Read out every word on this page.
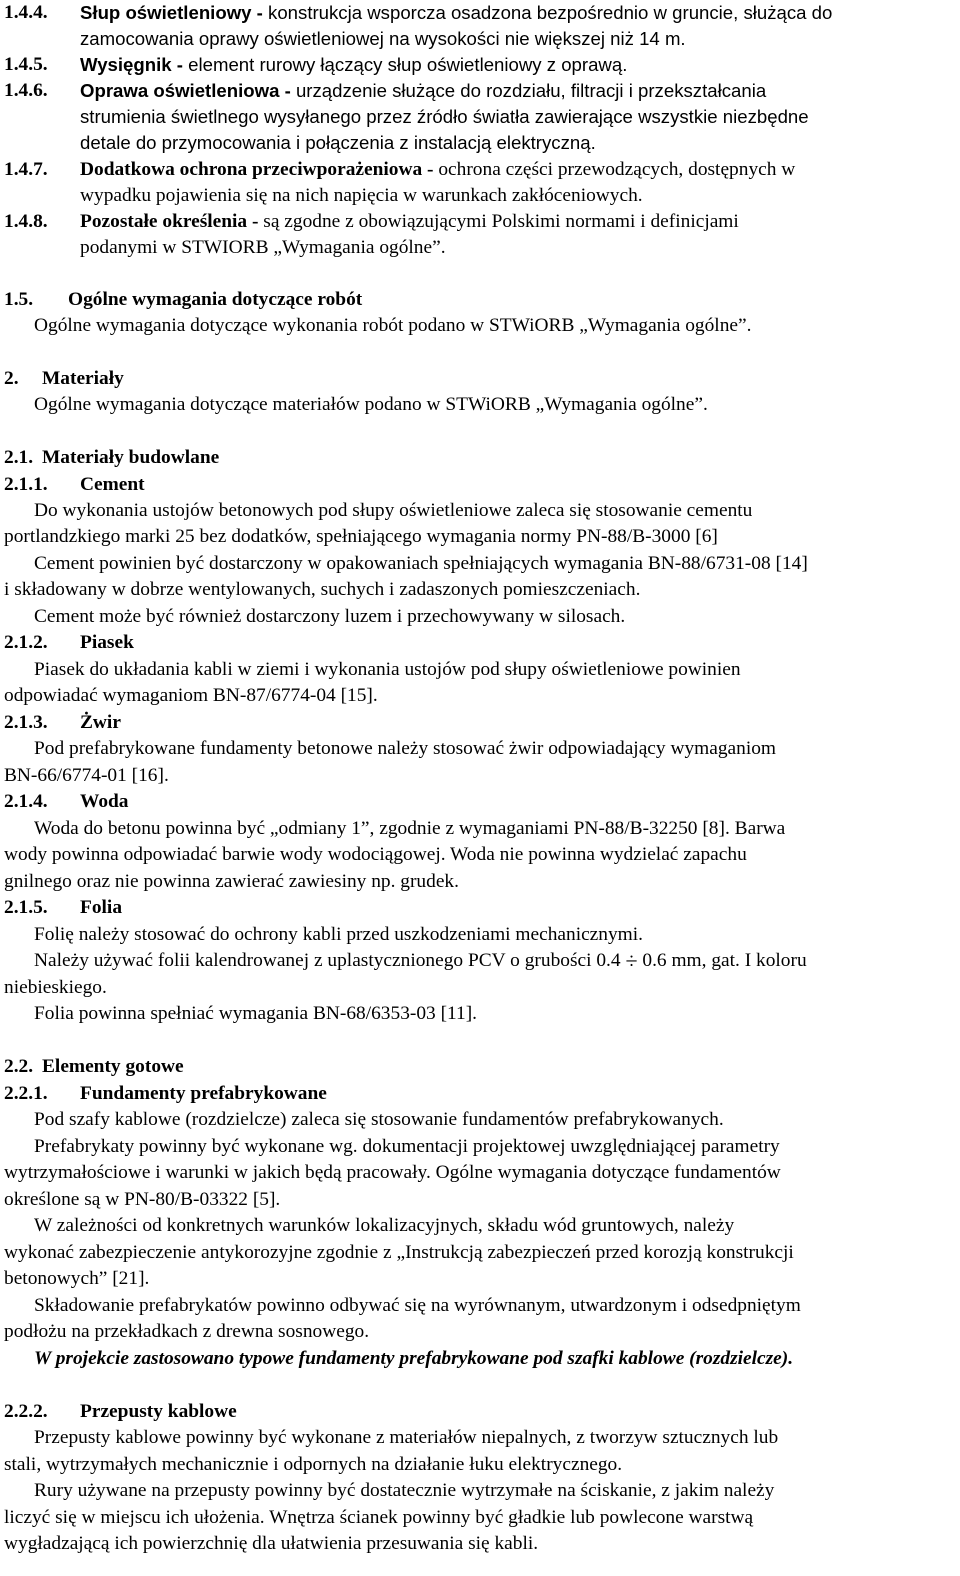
1.4.4. Słup oświetleniowy - konstrukcja wsporcza osadzona bezpośrednio w gruncie, służąca do
zamocowania oprawy oświetleniowej na wysokości nie większej niż 14 m.
1.4.5. Wysięgnik - element rurowy łączący słup oświetleniowy z oprawą.
1.4.6. Oprawa oświetleniowa - urządzenie służące do rozdziału, filtracji i przekształcania
strumienia świetlnego wysyłanego przez źródło światła zawierające wszystkie niezbędne
detale do przymocowania i połączenia z instalacją elektryczną.
1.4.7. Dodatkowa ochrona przeciwporażeniowa - ochrona części przewodzących, dostępnych w
wypadku pojawienia się na nich napięcia w warunkach zakłóceniowych.
1.4.8. Pozostałe określenia - są zgodne z obowiązującymi Polskimi normami i definicjami
podanymi w STWIORB „Wymagania ogólne”.
1.5. Ogólne wymagania dotyczące robót
Ogólne wymagania dotyczące wykonania robót podano w STWiORB „Wymagania ogólne”.
2. Materiały
Ogólne wymagania dotyczące materiałów podano w STWiORB „Wymagania ogólne”.
2.1. Materiały budowlane
2.1.1. Cement
Do wykonania ustojów betonowych pod słupy oświetleniowe zaleca się stosowanie cementu
portlandzkiego marki 25 bez dodatków, spełniającego wymagania normy PN-88/B-3000 [6]
Cement powinien być dostarczony w opakowaniach spełniających wymagania BN-88/6731-08 [14]
i składowany w dobrze wentylowanych, suchych i zadaszonych pomieszczeniach.
Cement może być również dostarczony luzem i przechowywany w silosach.
2.1.2. Piasek
Piasek do układania kabli w ziemi i wykonania ustojów pod słupy oświetleniowe powinien
odpowiadać wymaganiom BN-87/6774-04 [15].
2.1.3. Żwir
Pod prefabrykowane fundamenty betonowe należy stosować żwir odpowiadający wymaganiom
BN-66/6774-01 [16].
2.1.4. Woda
Woda do betonu powinna być „odmiany 1”, zgodnie z wymaganiami PN-88/B-32250 [8]. Barwa
wody powinna odpowiadać barwie wody wodociągowej. Woda nie powinna wydzielać zapachu
gnilnego oraz nie powinna zawierać zawiesiny np. grudek.
2.1.5. Folia
Folię należy stosować do ochrony kabli przed uszkodzeniami mechanicznymi.
Należy używać folii kalendrowanej z uplastycznionego PCV o grubości 0.4 ÷ 0.6 mm, gat. I koloru
niebieskiego.
Folia powinna spełniać wymagania BN-68/6353-03 [11].
2.2. Elementy gotowe
2.2.1. Fundamenty prefabrykowane
Pod szafy kablowe (rozdzielcze) zaleca się stosowanie fundamentów prefabrykowanych.
Prefabrykaty powinny być wykonane wg. dokumentacji projektowej uwzględniającej parametry
wytrzymałościowe i warunki w jakich będą pracowały. Ogólne wymagania dotyczące fundamentów
określone są w PN-80/B-03322 [5].
W zależności od konkretnych warunków lokalizacyjnych, składu wód gruntowych, należy
wykonać zabezpieczenie antykorozyjne zgodnie z „Instrukcją zabezpieczeń przed korozją konstrukcji
betonowych” [21].
Składowanie prefabrykatów powinno odbywać się na wyrównanym, utwardzonym i odsedpniętym
podłożu na przekładkach z drewna sosnowego.
W projekcie zastosowano typowe fundamenty prefabrykowane pod szafki kablowe (rozdzielcze).
2.2.2. Przepusty kablowe
Przepusty kablowe powinny być wykonane z materiałów niepalnych, z tworzyw sztucznych lub
stali, wytrzymałych mechanicznie i odpornych na działanie łuku elektrycznego.
Rury używane na przepusty powinny być dostatecznie wytrzymałe na ściskanie, z jakim należy
liczyć się w miejscu ich ułożenia. Wnętrza ścianek powinny być gładkie lub powlecone warstwą
wygładzającą ich powierzchnię dla ułatwienia przesuwania się kabli.
